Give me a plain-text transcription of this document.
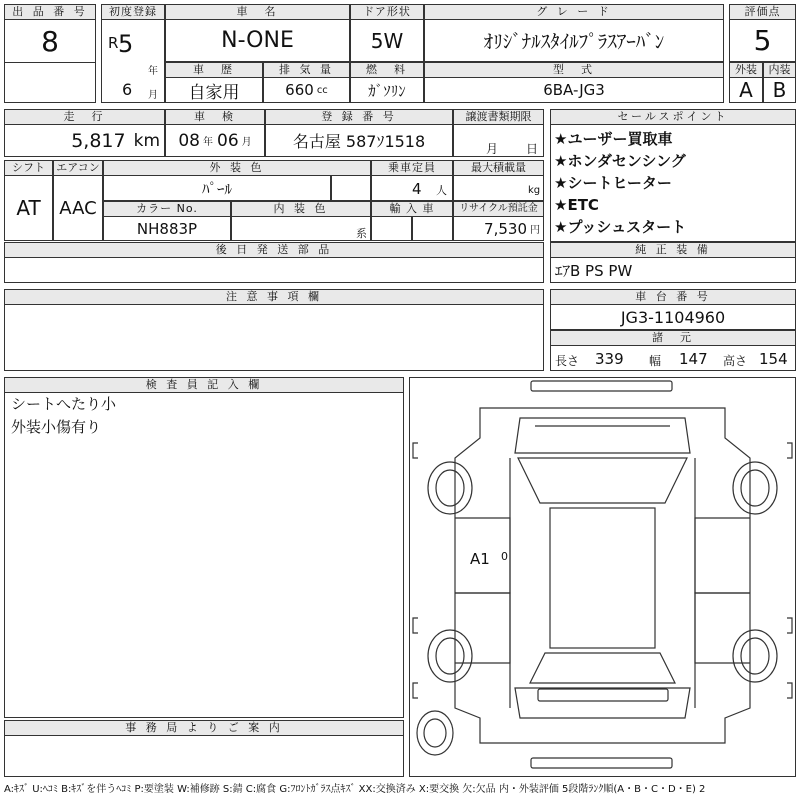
出 品 番 号
8
初度登録
R 5
年
6 月
車　名
N-ONE
ドア形状
5W
グ レ ー ド
ｵﾘｼﾞﾅﾙｽﾀｲﾙﾌﾟﾗｽｱｰﾊﾞﾝ
評価点
5
車　歴
自家用
排 気 量
660 cc
燃　料
ｶﾞｿﾘﾝ
型　式
6BA-JG3
外装
A
内装
B
走　行
5,817 km
車　検
08 年 06 月
登 録 番 号
名古屋 587ｿ1518
譲渡書類期限
月 日
シフト
AT
エアコン
AAC
外 装 色
ﾊﾟｰﾙ
乗車定員
4 人
最大積載量
kg
カラー No.
NH883P
内 装 色
系
輸 入 車	リサイクル預託金
7,530 円
後 日 発 送 部 品
セールスポイント
★ユーザー買取車
★ホンダセンシング
★シートヒーター
★ETC
★プッシュスタート
純 正 装 備
ｴｱB PS PW
注 意 事 項 欄	車 台 番 号
JG3-1104960
諸　元
長さ 339 幅 147 高さ 154
検 査 員 記 入 欄
シートへたり小
外装小傷有り
事 務 局 よ り ご 案 内
A1 0
A:ｷｽﾞ U:ﾍｺﾐ B:ｷｽﾞを伴うﾍｺﾐ P:要塗装 W:補修跡 S:錆 C:腐食 G:ﾌﾛﾝﾄｶﾞﾗｽ点ｷｽﾞ XX:交換済み X:要交換 欠:欠品 内・外装評価 5段階ﾗﾝｸ順(A・B・C・D・E) 2
